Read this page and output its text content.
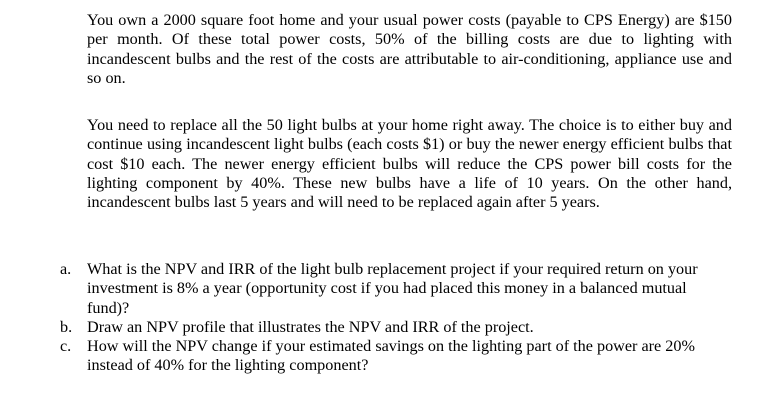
You own a 2000 square foot home and your usual power costs (payable to CPS Energy) are $150 per month. Of these total power costs, 50% of the billing costs are due to lighting with incandescent bulbs and the rest of the costs are attributable to air-conditioning, appliance use and so on.

You need to replace all the 50 light bulbs at your home right away. The choice is to either buy and continue using incandescent light bulbs (each costs $1) or buy the newer energy efficient bulbs that cost $10 each. The newer energy efficient bulbs will reduce the CPS power bill costs for the lighting component by 40%. These new bulbs have a life of 10 years. On the other hand, incandescent bulbs last 5 years and will need to be replaced again after 5 years.

a. What is the NPV and IRR of the light bulb replacement project if your required return on your investment is 8% a year (opportunity cost if you had placed this money in a balanced mutual fund)?
b. Draw an NPV profile that illustrates the NPV and IRR of the project.
c. How will the NPV change if your estimated savings on the lighting part of the power are 20% instead of 40% for the lighting component?
